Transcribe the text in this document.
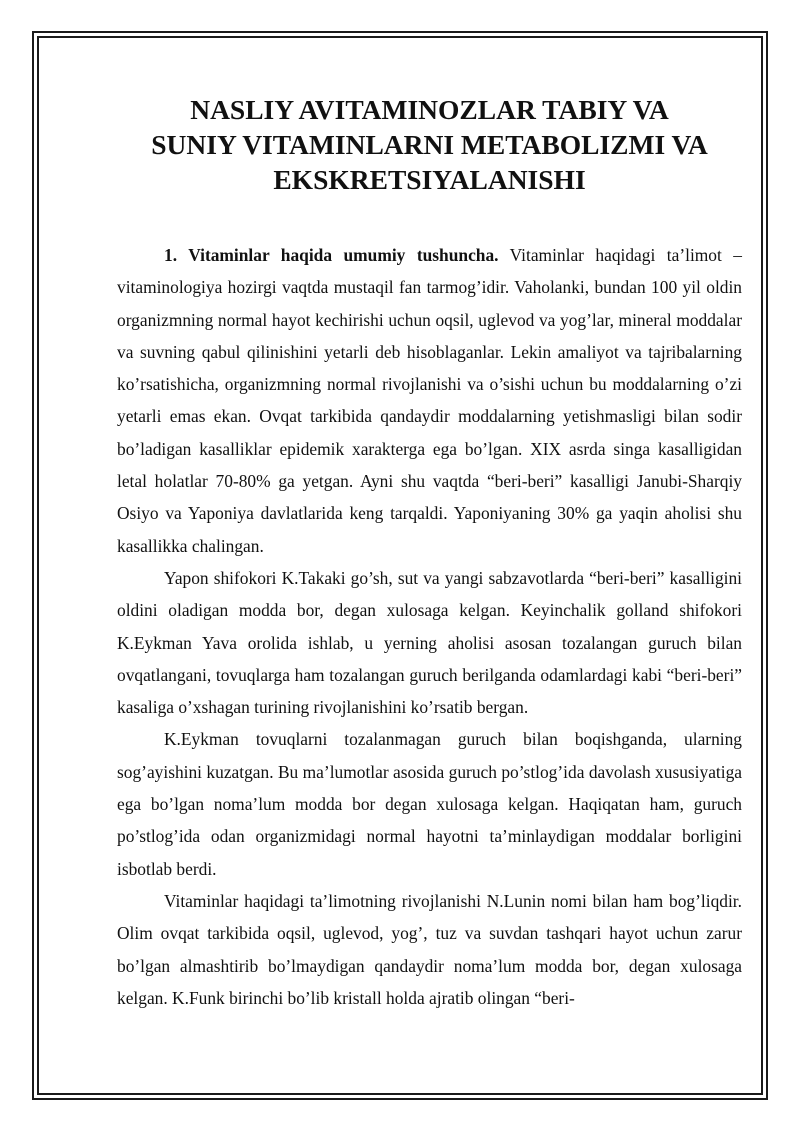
NASLIY AVITAMINOZLAR TABIY VA
SUNIY VITAMINLARNI METABOLIZMI VA
EKSKRETSIYALANISHI

1. Vitaminlar haqida umumiy tushuncha. Vitaminlar haqidagi ta’limot – vitaminologiya hozirgi vaqtda mustaqil fan tarmog’idir. Vaholanki, bundan 100 yil oldin organizmning normal hayot kechirishi uchun oqsil, uglevod va yog’lar, mineral moddalar va suvning qabul qilinishini yetarli deb hisoblaganlar. Lekin amaliyot va tajribalarning ko’rsatishicha, organizmning normal rivojlanishi va o’sishi uchun bu moddalarning o’zi yetarli emas ekan. Ovqat tarkibida qandaydir moddalarning yetishmasligi bilan sodir bo’ladigan kasalliklar epidemik xarakterga ega bo’lgan. XIX asrda singa kasalligidan letal holatlar 70-80% ga yetgan. Ayni shu vaqtda “beri-beri” kasalligi Janubi-Sharqiy Osiyo va Yaponiya davlatlarida keng tarqaldi. Yaponiyaning 30% ga yaqin aholisi shu kasallikka chalingan.

Yapon shifokori K.Takaki go’sh, sut va yangi sabzavotlarda “beri-beri” kasalligini oldini oladigan modda bor, degan xulosaga kelgan. Keyinchalik golland shifokori K.Eykman Yava orolida ishlab, u yerning aholisi asosan tozalangan guruch bilan ovqatlangani, tovuqlarga ham tozalangan guruch berilganda odamlardagi kabi “beri-beri” kasaliga o’xshagan turining rivojlanishini ko’rsatib bergan.

K.Eykman tovuqlarni tozalanmagan guruch bilan boqishganda, ularning sog’ayishini kuzatgan. Bu ma’lumotlar asosida guruch po’stlog’ida davolash xususiyatiga ega bo’lgan noma’lum modda bor degan xulosaga kelgan. Haqiqatan ham, guruch po’stlog’ida odan organizmidagi normal hayotni ta’minlaydigan moddalar borligini isbotlab berdi.

Vitaminlar haqidagi ta’limotning rivojlanishi N.Lunin nomi bilan ham bog’liqdir. Olim ovqat tarkibida oqsil, uglevod, yog’, tuz va suvdan tashqari hayot uchun zarur bo’lgan almashtirib bo’lmaydigan qandaydir noma’lum modda bor, degan xulosaga kelgan. K.Funk birinchi bo’lib kristall holda ajratib olingan “beri-
